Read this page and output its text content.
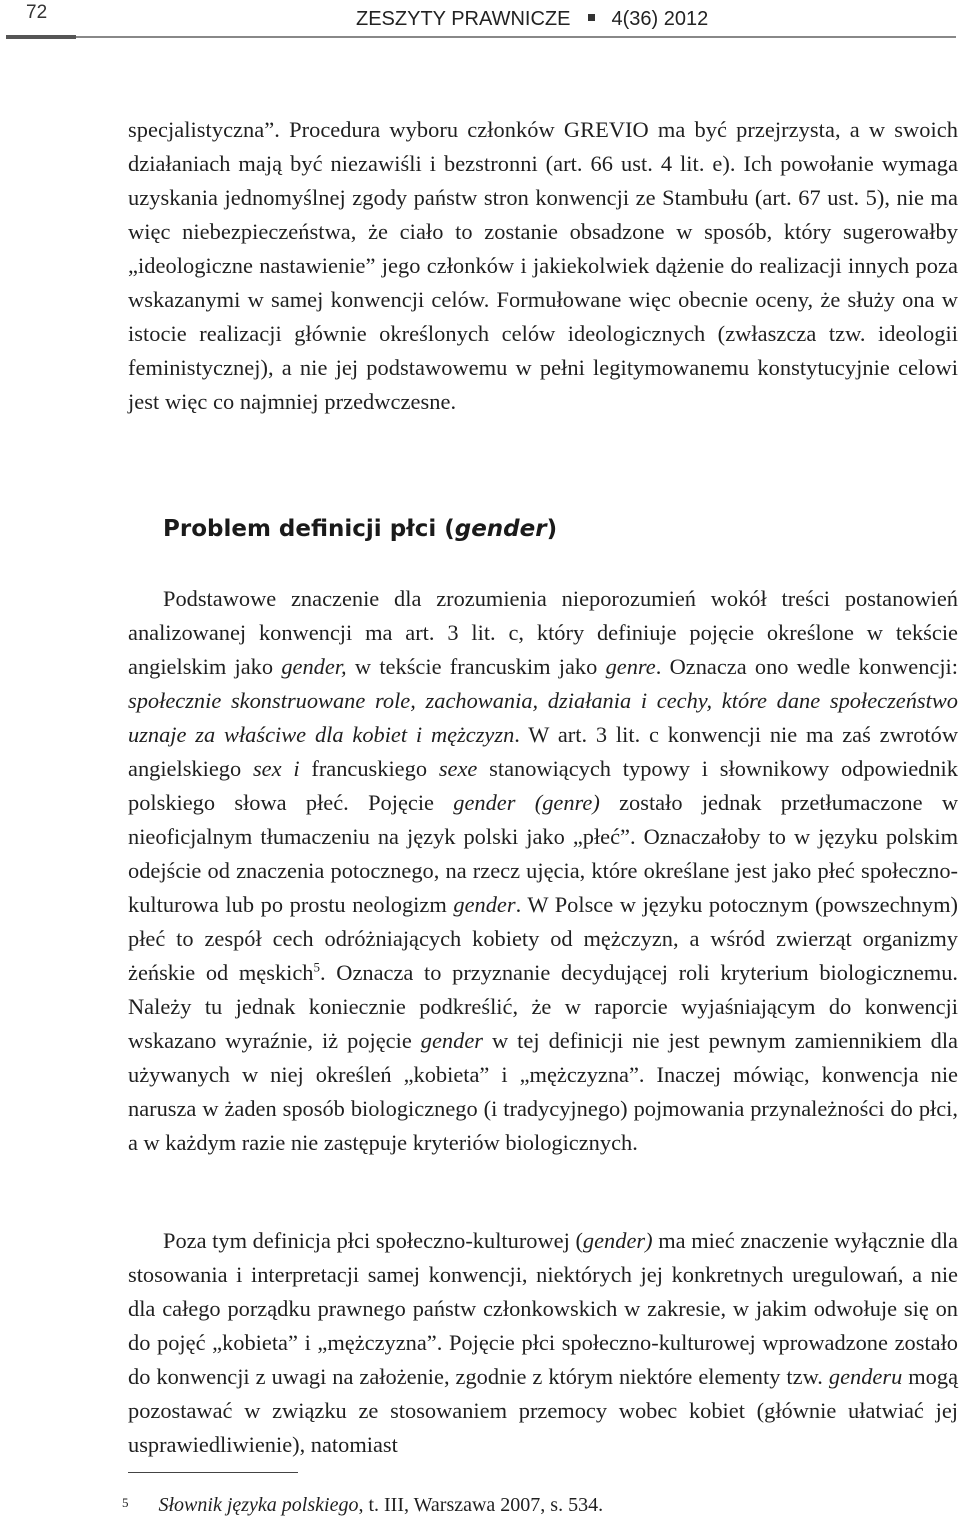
72	ZESZYTY PRAWNICZE 4(36) 2012
specjalistyczna”. Procedura wyboru członków GREVIO ma być przejrzysta, a w swoich działaniach mają być niezawiśli i bezstronni (art. 66 ust. 4 lit. e). Ich powołanie wymaga uzyskania jednomyślnej zgody państw stron konwencji ze Stambułu (art. 67 ust. 5), nie ma więc niebezpieczeństwa, że ciało to zostanie obsadzone w sposób, który sugerowałby „ideologiczne nastawienie” jego członków i jakiekolwiek dążenie do realizacji innych poza wskazanymi w samej konwencji celów. Formułowane więc obecnie oceny, że służy ona w istocie realizacji głównie określonych celów ideologicznych (zwłaszcza tzw. ideologii feministycznej), a nie jej podstawowemu w pełni legitymowanemu konstytucyjnie celowi jest więc co najmniej przedwczesne.
Problem definicji płci (gender)
Podstawowe znaczenie dla zrozumienia nieporozumień wokół treści postanowień analizowanej konwencji ma art. 3 lit. c, który definiuje pojęcie określone w tekście angielskim jako gender, w tekście francuskim jako genre. Oznacza ono wedle konwencji: społecznie skonstruowane role, zachowania, działania i cechy, które dane społeczeństwo uznaje za właściwe dla kobiet i mężczyzn. W art. 3 lit. c konwencji nie ma zaś zwrotów angielskiego sex i francuskiego sexe stanowiących typowy i słownikowy odpowiednik polskiego słowa płeć. Pojęcie gender (genre) zostało jednak przetłumaczone w nieoficjalnym tłumaczeniu na język polski jako „płeć”. Oznaczałoby to w języku polskim odejście od znaczenia potocznego, na rzecz ujęcia, które określane jest jako płeć społeczno-kulturowa lub po prostu neologizm gender. W Polsce w języku potocznym (powszechnym) płeć to zespół cech odróżniających kobiety od mężczyzn, a wśród zwierząt organizmy żeńskie od męskich$^5$. Oznacza to przyznanie decydującej roli kryterium biologicznemu. Należy tu jednak koniecznie podkreślić, że w raporcie wyjaśniającym do konwencji wskazano wyraźnie, iż pojęcie gender w tej definicji nie jest pewnym zamiennikiem dla używanych w niej określeń „kobieta” i „mężczyzna”. Inaczej mówiąc, konwencja nie narusza w żaden sposób biologicznego (i tradycyjnego) pojmowania przynależności do płci, a w każdym razie nie zastępuje kryteriów biologicznych.
Poza tym definicja płci społeczno-kulturowej (gender) ma mieć znaczenie wyłącznie dla stosowania i interpretacji samej konwencji, niektórych jej konkretnych uregulowań, a nie dla całego porządku prawnego państw członkowskich w zakresie, w jakim odwołuje się on do pojęć „kobieta” i „mężczyzna”. Pojęcie płci społeczno-kulturowej wprowadzone zostało do konwencji z uwagi na założenie, zgodnie z którym niektóre elementy tzw. genderu mogą pozostawać w związku ze stosowaniem przemocy wobec kobiet (głównie ułatwiać jej usprawiedliwienie), natomiast
$^5$ Słownik języka polskiego, t. III, Warszawa 2007, s. 534.
